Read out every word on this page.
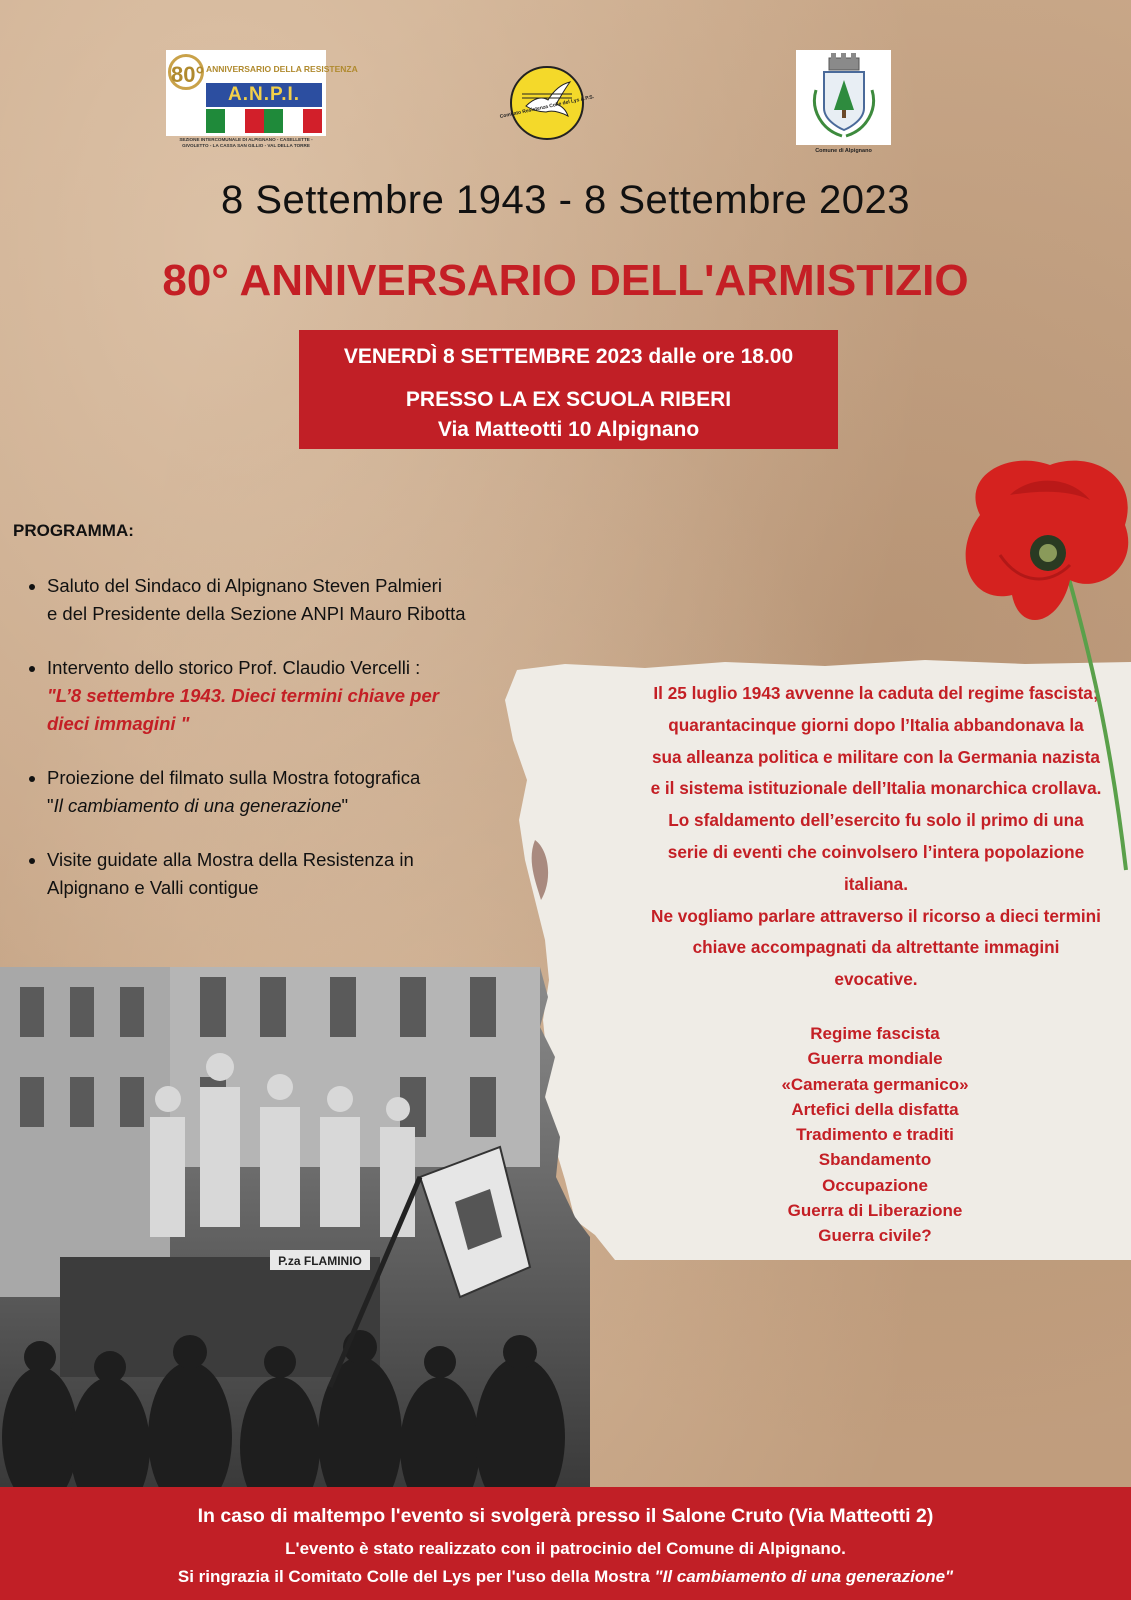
80° ANNIVERSARIO DELLA RESISTENZA
A.N.P.I.
SEZIONE INTERCOMUNALE DI ALPIGNANO - CASELLETTE - GIVOLETTO - LA CASSA SAN GILLIO - VAL DELLA TORRE
Comitato Resistenza Colle del Lys A.P.S.
Comune di Alpignano
8 Settembre 1943 - 8 Settembre 2023
80° ANNIVERSARIO DELL'ARMISTIZIO
VENERDÌ 8 SETTEMBRE 2023 dalle ore 18.00
PRESSO LA EX SCUOLA RIBERI
Via Matteotti 10 Alpignano
PROGRAMMA:
• Saluto del Sindaco di Alpignano Steven Palmieri
e del Presidente della Sezione ANPI Mauro Ribotta
• Intervento dello storico Prof. Claudio Vercelli :
"L’8 settembre 1943. Dieci termini chiave per
dieci immagini "
• Proiezione del filmato sulla Mostra fotografica
"Il cambiamento di una generazione"
• Visite guidate alla Mostra della Resistenza in
Alpignano e Valli contigue
Il 25 luglio 1943 avvenne la caduta del regime fascista;
quarantacinque giorni dopo l’Italia abbandonava la
sua alleanza politica e militare con la Germania nazista
e il sistema istituzionale dell’Italia monarchica crollava.
Lo sfaldamento dell’esercito fu solo il primo di una
serie di eventi che coinvolsero l’intera popolazione
italiana.
Ne vogliamo parlare attraverso il ricorso a dieci termini
chiave accompagnati da altrettante immagini
evocative.
Regime fascista
Guerra mondiale
«Camerata germanico»
Artefici della disfatta
Tradimento e traditi
Sbandamento
Occupazione
Guerra di Liberazione
Guerra civile?
P.za FLAMINIO
In caso di maltempo l'evento si svolgerà presso il Salone Cruto (Via Matteotti 2)
L'evento è stato realizzato con il patrocinio del Comune di Alpignano.
Si ringrazia il Comitato Colle del Lys per l'uso della Mostra "Il cambiamento di una generazione"
